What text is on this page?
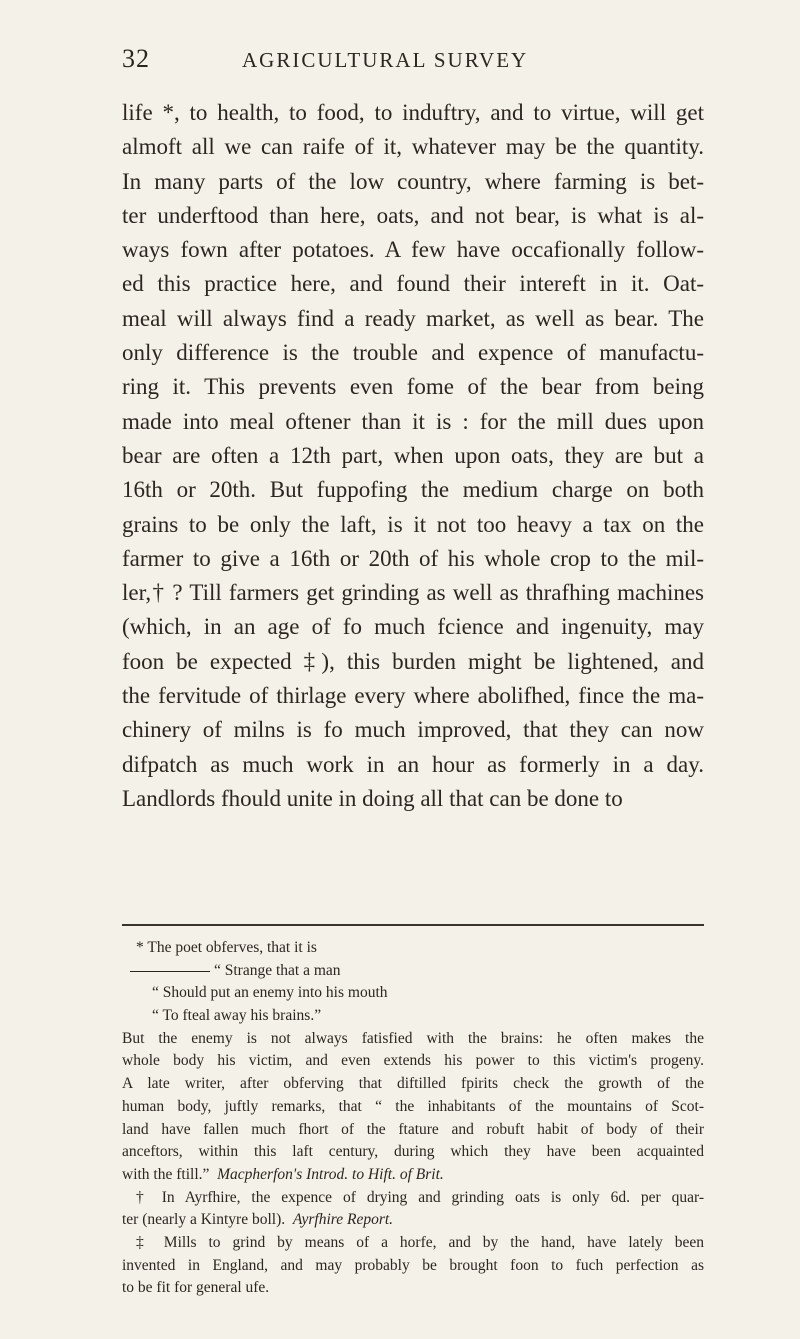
32	AGRICULTURAL SURVEY
life *, to health, to food, to induftry, and to virtue, will get
almoft all we can raife of it, whatever may be the quantity.
In many parts of the low country, where farming is bet-
ter underftood than here, oats, and not bear, is what is al-
ways fown after potatoes. A few have occafionally follow-
ed this practice here, and found their intereft in it. Oat-
meal will always find a ready market, as well as bear. The
only difference is the trouble and expence of manufactu-
ring it. This prevents even fome of the bear from being
made into meal oftener than it is : for the mill dues upon
bear are often a 12th part, when upon oats, they are but a
16th or 20th. But fuppofing the medium charge on both
grains to be only the laft, is it not too heavy a tax on the
farmer to give a 16th or 20th of his whole crop to the mil-
ler,† ? Till farmers get grinding as well as thrafhing machines
(which, in an age of fo much fcience and ingenuity, may
foon be expected ‡), this burden might be lightened, and
the fervitude of thirlage every where abolifhed, fince the ma-
chinery of milns is fo much improved, that they can now
difpatch as much work in an hour as formerly in a day.
Landlords fhould unite in doing all that can be done to
* The poet obferves, that it is
“ Strange that a man
“ Should put an enemy into his mouth
“ To fteal away his brains.”
But the enemy is not always fatisfied with the brains: he often makes the
whole body his victim, and even extends his power to this victim's progeny.
A late writer, after obferving that diftilled fpirits check the growth of the
human body, juftly remarks, that “ the inhabitants of the mountains of Scot-
land have fallen much fhort of the ftature and robuft habit of body of their
anceftors, within this laft century, during which they have been acquainted
with the ftill.” Macpherfon's Introd. to Hift. of Brit.
† In Ayrfhire, the expence of drying and grinding oats is only 6d. per quar-
ter (nearly a Kintyre boll). Ayrfhire Report.
‡ Mills to grind by means of a horfe, and by the hand, have lately been
invented in England, and may probably be brought foon to fuch perfection as
to be fit for general ufe.
